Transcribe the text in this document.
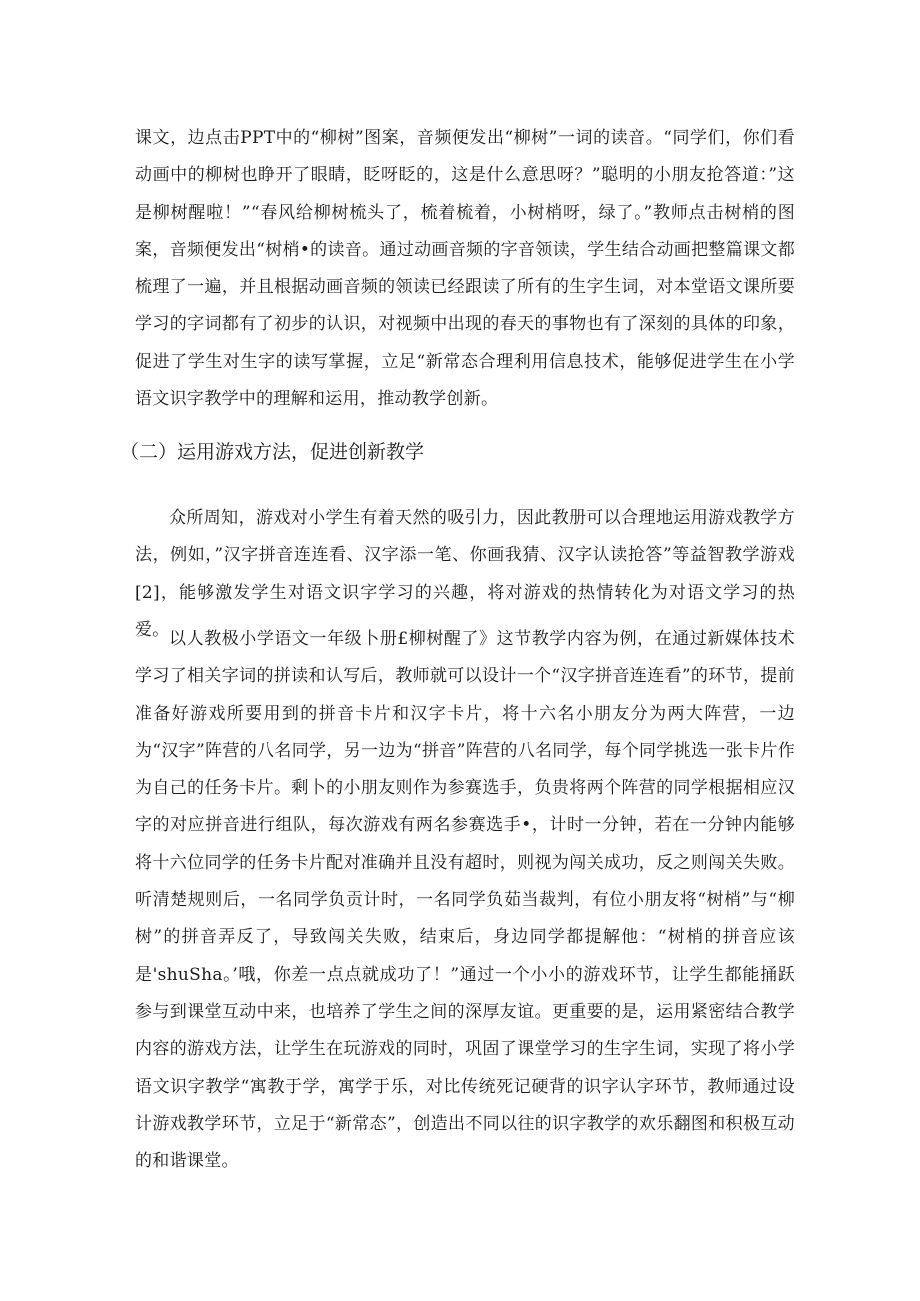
课文，边点击PPT中的“柳树”图案，音频便发出“柳树”一词的读音。“同学们，你们看动画中的柳树也睁开了眼睛，眨呀眨的，这是什么意思呀？”聪明的小朋友抢答道：”这是柳树醒啦！”“春风给柳树梳头了，梳着梳着，小树梢呀，绿了。”教师点击树梢的图案，音频便发出“树梢•的读音。通过动画音频的字音领读，学生结合动画把整篇课文都梳理了一遍，并且根据动画音频的领读已经跟读了所有的生字生词，对本堂语文课所要学习的字词都有了初步的认识，对视频中出现的春天的事物也有了深刻的具体的印象，促进了学生对生字的读写掌握，立足“新常态合理利用信息技术，能够促进学生在小学语文识字教学中的理解和运用，推动教学创新。

（二）运用游戏方法，促进创新教学

众所周知，游戏对小学生有着天然的吸引力，因此教册可以合理地运用游戏教学方法，例如，”汉字拼音连连看、汉字添一笔、你画我猜、汉字认读抢答”等益智教学游戏[2]，能够激发学生对语文识字学习的兴趣，将对游戏的热情转化为对语文学习的热爱。 以人教极小学语文一年级卜册£柳树醒了》这节教学内容为例，在通过新媒体技术学习了相关字词的拼读和认写后，教师就可以设计一个“汉字拼音连连看”的环节，提前准备好游戏所要用到的拼音卡片和汉字卡片，将十六名小朋友分为两大阵营，一边为“汉字”阵营的八名同学，另一边为“拼音”阵营的八名同学，每个同学挑选一张卡片作为自己的任务卡片。剩卜的小朋友则作为参赛选手，负贵将两个阵营的同学根据相应汉字的对应拼音进行组队，每次游戏有两名参赛选手•，计时一分钟，若在一分钟内能够将十六位同学的任务卡片配对准确并且没有超时，则视为闯关成功，反之则闯关失败。听清楚规则后，一名同学负贡计时，一名同学负茹当裁判，有位小朋友将“树梢”与“柳树”的拼音弄反了，导致闯关失败，结束后，身边同学都提解他：“树梢的拼音应该是'shuSha。’哦，你差一点点就成功了！”通过一个小小的游戏环节，让学生都能捅跃参与到课堂互动中来，也培养了学生之间的深厚友谊。更重要的是，运用紧密结合教学内容的游戏方法，让学生在玩游戏的同时，巩固了课堂学习的生字生词，实现了将小学语文识字教学“寓教于学，寓学于乐，对比传统死记硬背的识字认字环节，教师通过设计游戏教学环节，立足于“新常态”，创造出不同以往的识字教学的欢乐翻图和积极互动的和谐课堂。
